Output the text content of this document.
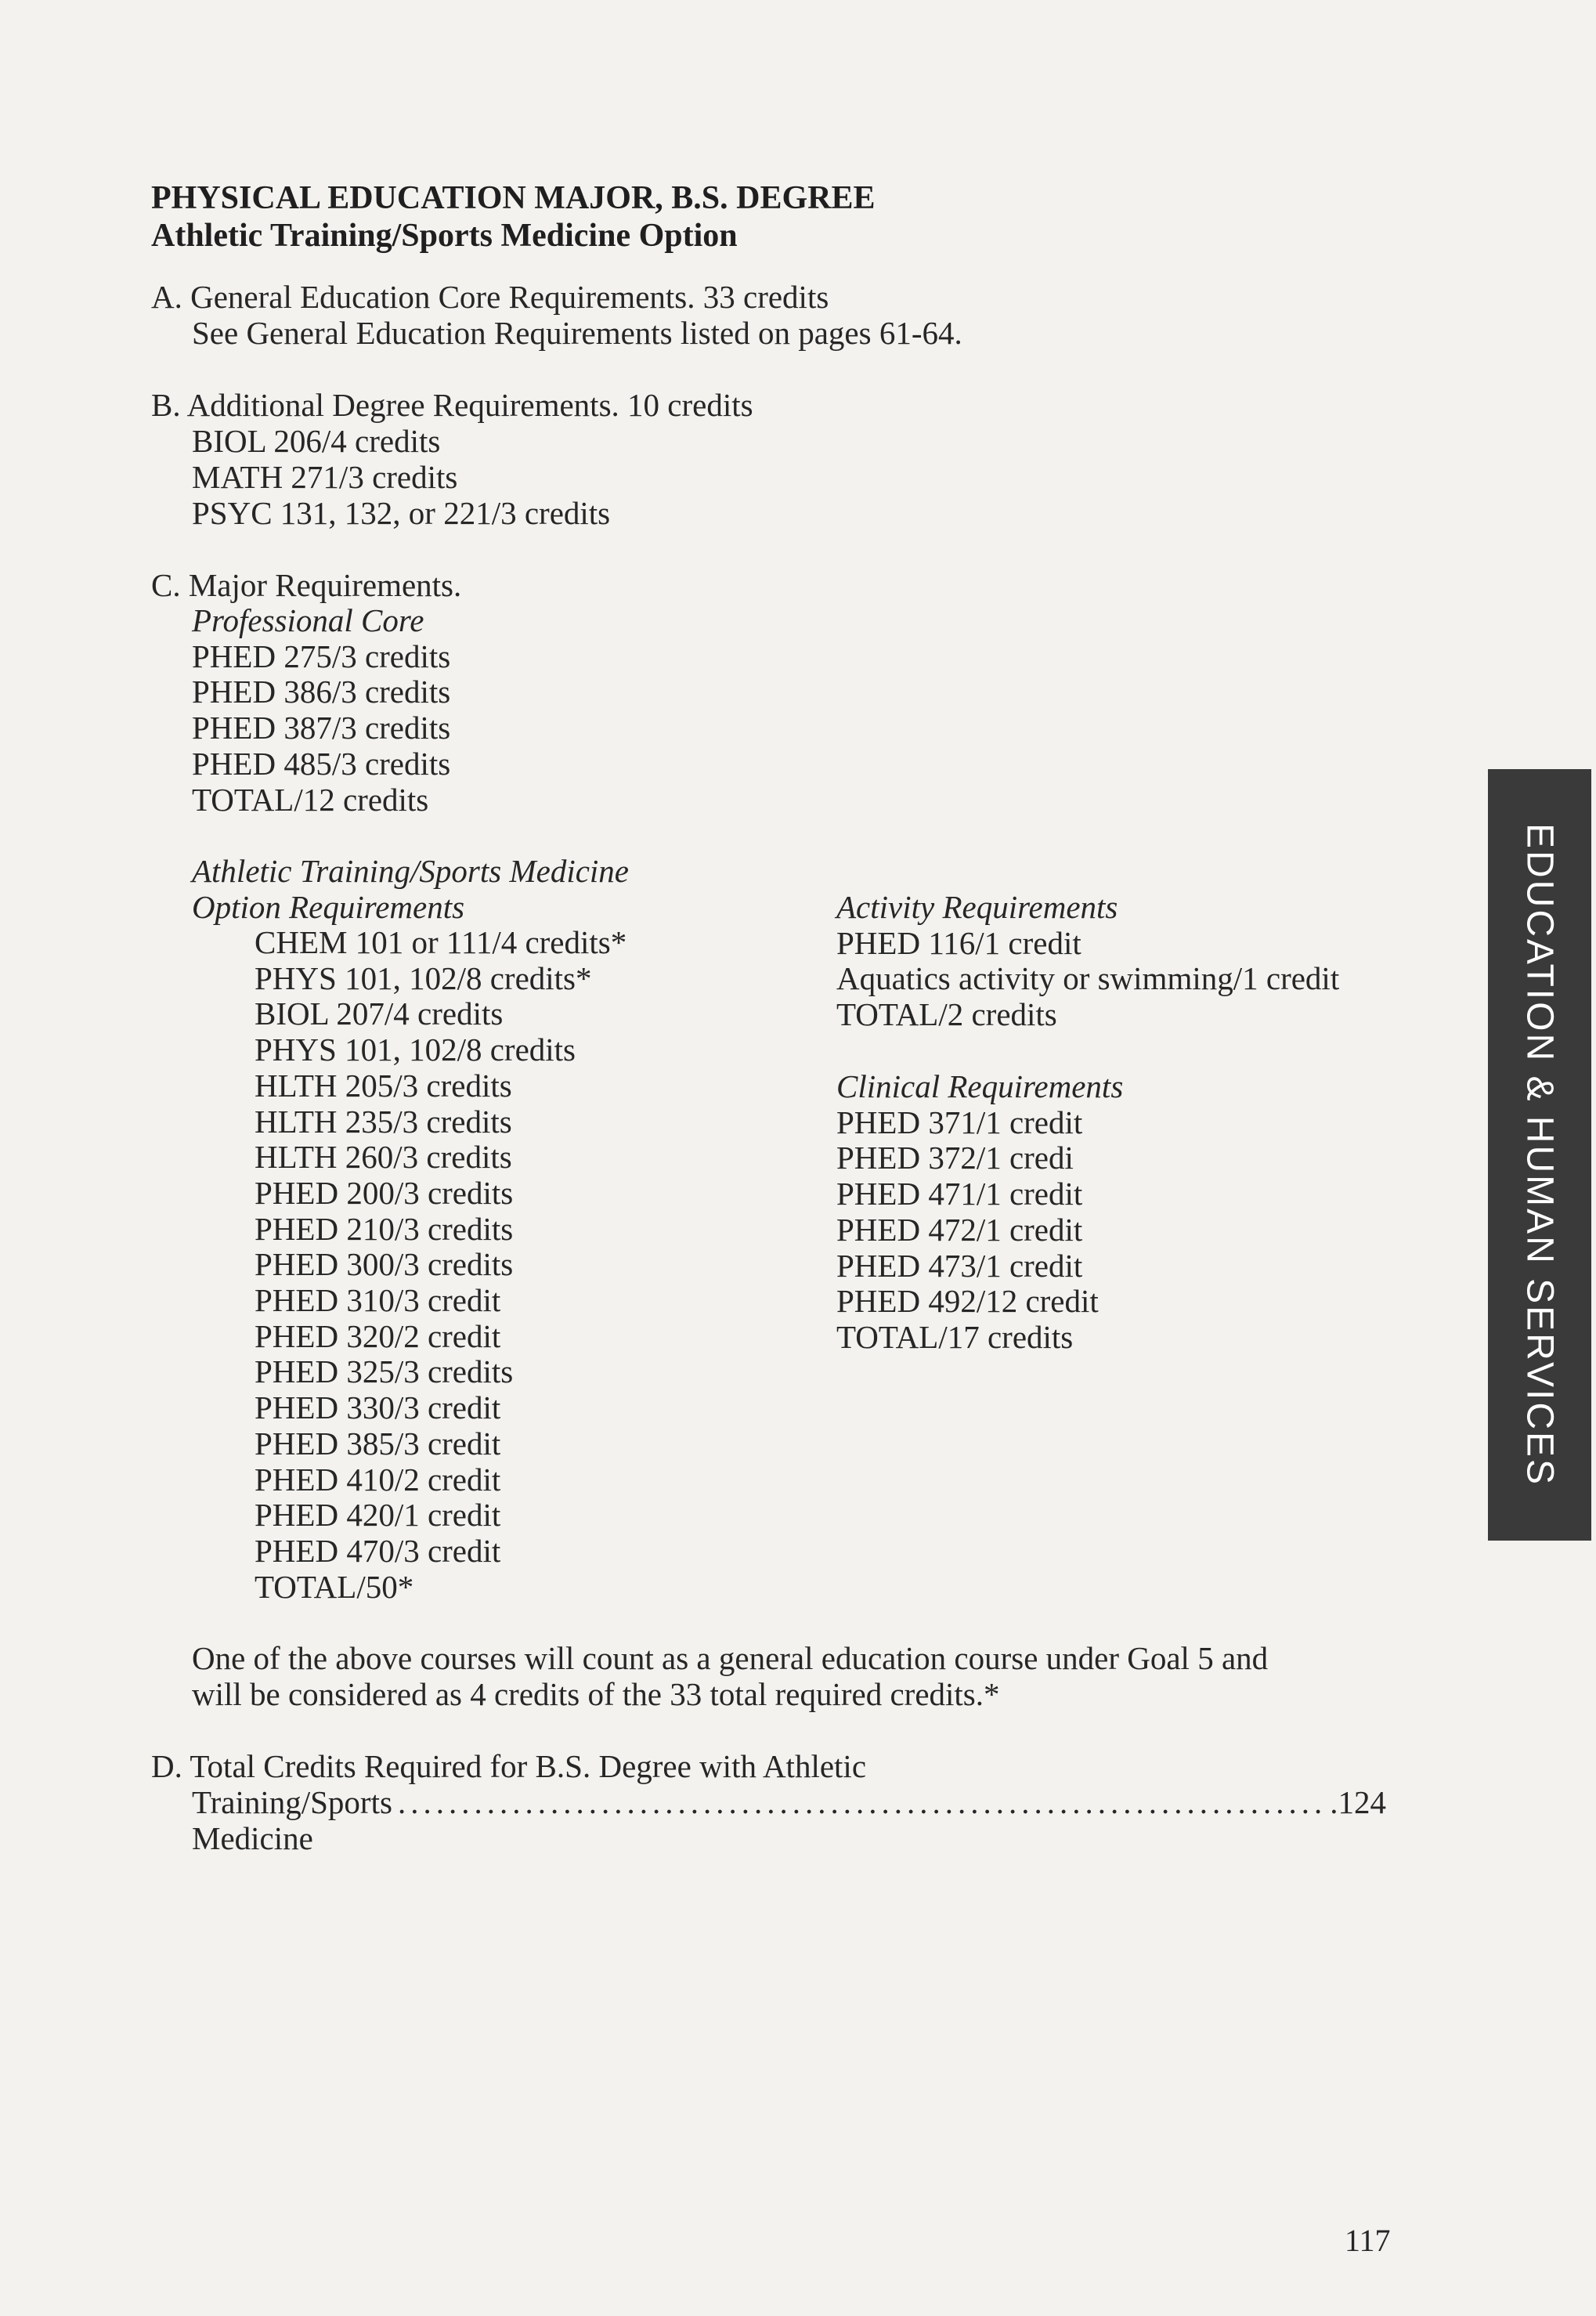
PHYSICAL EDUCATION MAJOR, B.S. DEGREE
Athletic Training/Sports Medicine Option
A. General Education Core Requirements. 33 credits
See General Education Requirements listed on pages 61-64.
B. Additional Degree Requirements. 10 credits
BIOL 206/4 credits
MATH 271/3 credits
PSYC 131, 132, or 221/3 credits
C. Major Requirements.
Professional Core
PHED 275/3 credits
PHED 386/3 credits
PHED 387/3 credits
PHED 485/3 credits
TOTAL/12 credits
Athletic Training/Sports Medicine
Option Requirements
CHEM 101 or 111/4 credits*
PHYS 101, 102/8 credits*
BIOL 207/4 credits
PHYS 101, 102/8 credits
HLTH 205/3 credits
HLTH 235/3 credits
HLTH 260/3 credits
PHED 200/3 credits
PHED 210/3 credits
PHED 300/3 credits
PHED 310/3 credit
PHED 320/2 credit
PHED 325/3 credits
PHED 330/3 credit
PHED 385/3 credit
PHED 410/2 credit
PHED 420/1 credit
PHED 470/3 credit
TOTAL/50*
Activity Requirements
PHED 116/1 credit
Aquatics activity or swimming/1 credit
TOTAL/2 credits
Clinical Requirements
PHED 371/1 credit
PHED 372/1 credi
PHED 471/1 credit
PHED 472/1 credit
PHED 473/1 credit
PHED 492/12 credit
TOTAL/17 credits
One of the above courses will count as a general education course under Goal 5 and
will be considered as 4 credits of the 33 total required credits.*
D. Total Credits Required for B.S. Degree with Athletic
Training/Sports Medicine
......................................................................... .124
EDUCATION & HUMAN SERVICES
117
